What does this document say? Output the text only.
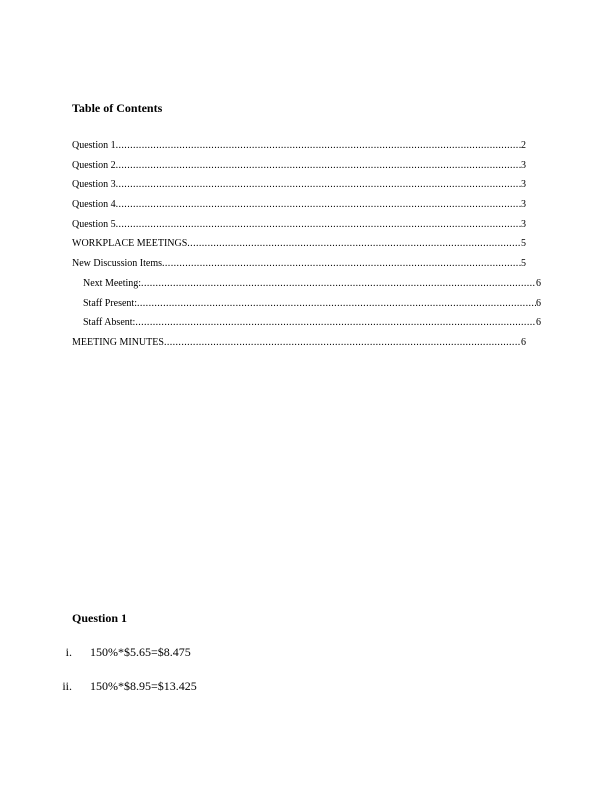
Table of Contents
Question 1 .....	2
Question 2 .....	3
Question 3 .....	3
Question 4 .....	3
Question 5 .....	3
WORKPLACE MEETINGS .....	5
New Discussion Items .....	5
Next Meeting: .....	6
Staff Present: .....	6
Staff Absent: .....	6
MEETING MINUTES .....	6
Question 1
i. 150%*$5.65=$8.475
ii. 150%*$8.95=$13.425
